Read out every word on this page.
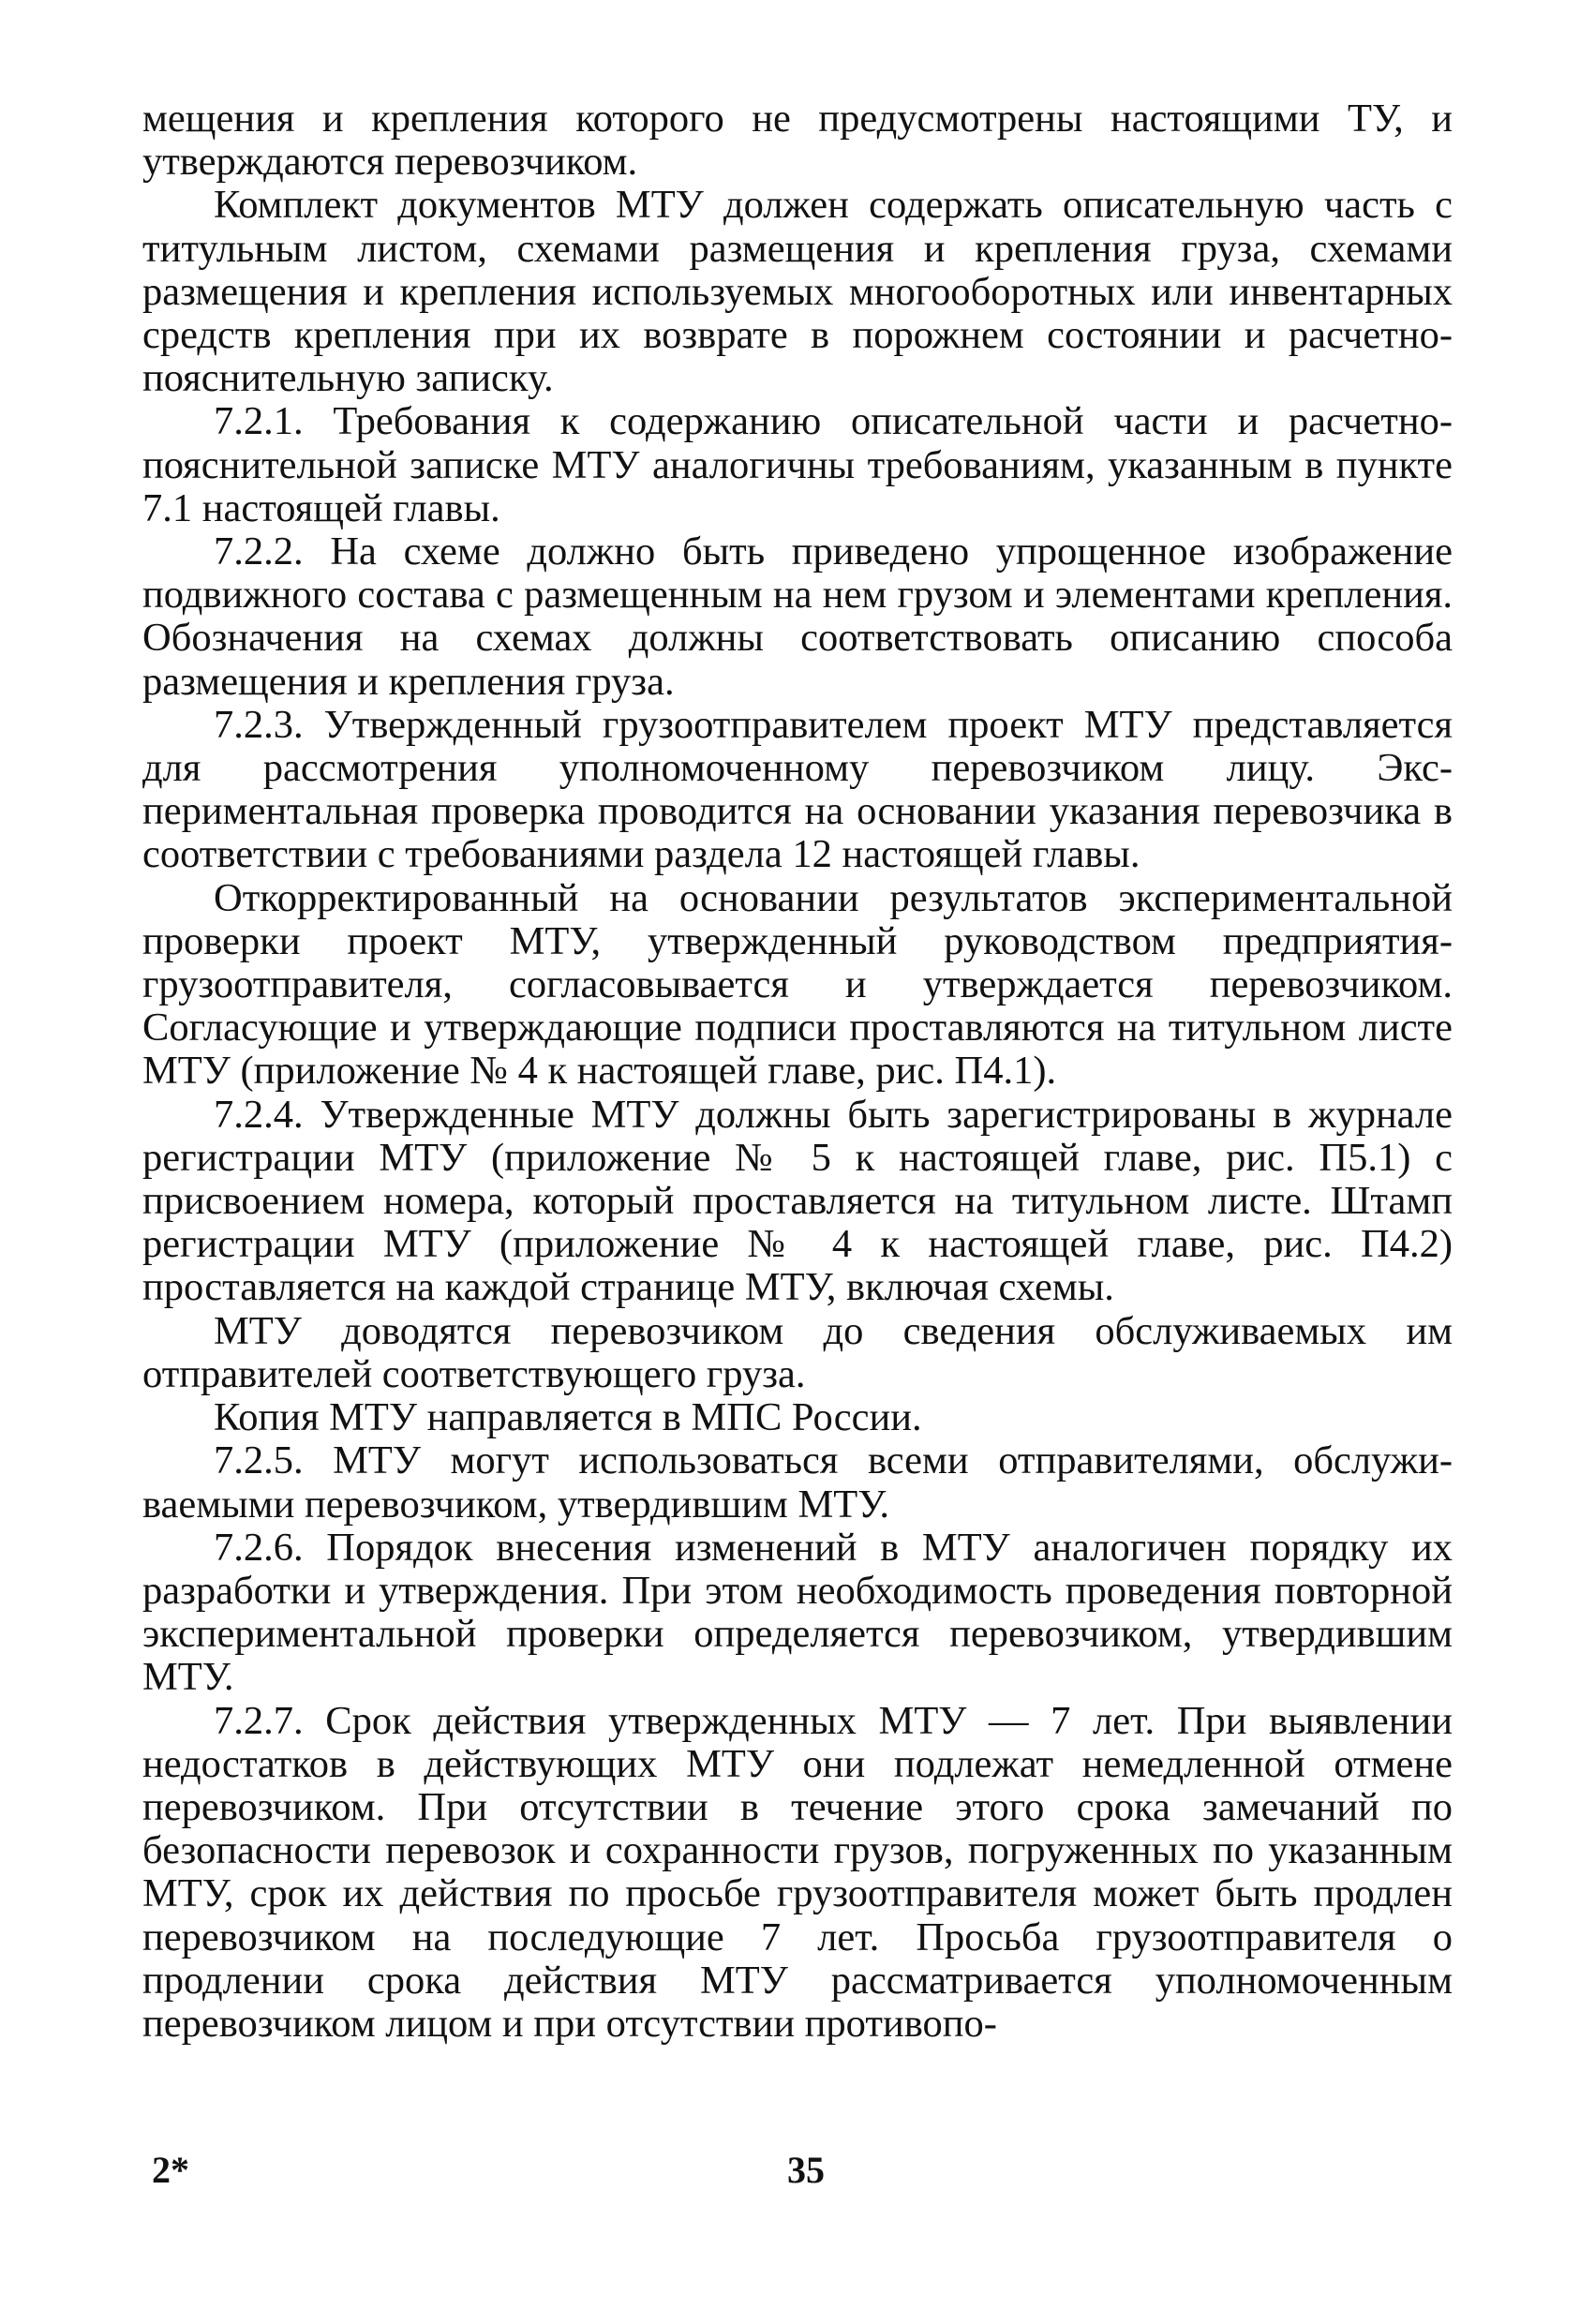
мещения и крепления которого не предусмотрены настоящими ТУ, и утверждаются перевозчиком.

Комплект документов МТУ должен содержать описательную часть с титульным листом, схемами размещения и крепления груза, схемами размещения и крепления используемых многооборотных или инвентарных средств крепления при их возврате в порожнем состоянии и расчетно-пояснительную записку.

7.2.1. Требования к содержанию описательной части и расчетно-пояснительной записке МТУ аналогичны требованиям, указанным в пункте 7.1 настоящей главы.

7.2.2. На схеме должно быть приведено упрощенное изображение подвижного состава с размещенным на нем грузом и элементами крепления. Обозначения на схемах должны соответствовать описанию способа размещения и крепления груза.

7.2.3. Утвержденный грузоотправителем проект МТУ представляется для рассмотрения уполномоченному перевозчиком лицу. Экспериментальная проверка проводится на основании указания перевозчика в соответствии с требованиями раздела 12 настоящей главы.

Откорректированный на основании результатов экспериментальной проверки проект МТУ, утвержденный руководством предприятия-грузоотправителя, согласовывается и утверждается перевозчиком. Согласующие и утверждающие подписи проставляются на титульном листе МТУ (приложение № 4 к настоящей главе, рис. П4.1).

7.2.4. Утвержденные МТУ должны быть зарегистрированы в журнале регистрации МТУ (приложение № 5 к настоящей главе, рис. П5.1) с присвоением номера, который проставляется на титульном листе. Штамп регистрации МТУ (приложение № 4 к настоящей главе, рис. П4.2) проставляется на каждой странице МТУ, включая схемы.

МТУ доводятся перевозчиком до сведения обслуживаемых им отправителей соответствующего груза.

Копия МТУ направляется в МПС России.

7.2.5. МТУ могут использоваться всеми отправителями, обслуживаемыми перевозчиком, утвердившим МТУ.

7.2.6. Порядок внесения изменений в МТУ аналогичен порядку их разработки и утверждения. При этом необходимость проведения повторной экспериментальной проверки определяется перевозчиком, утвердившим МТУ.

7.2.7. Срок действия утвержденных МТУ — 7 лет. При выявлении недостатков в действующих МТУ они подлежат немедленной отмене перевозчиком. При отсутствии в течение этого срока замечаний по безопасности перевозок и сохранности грузов, погруженных по указанным МТУ, срок их действия по просьбе грузоотправителя может быть продлен перевозчиком на последующие 7 лет. Просьба грузоотправителя о продлении срока действия МТУ рассматривается уполномоченным перевозчиком лицом и при отсутствии противопо-

2*	35
